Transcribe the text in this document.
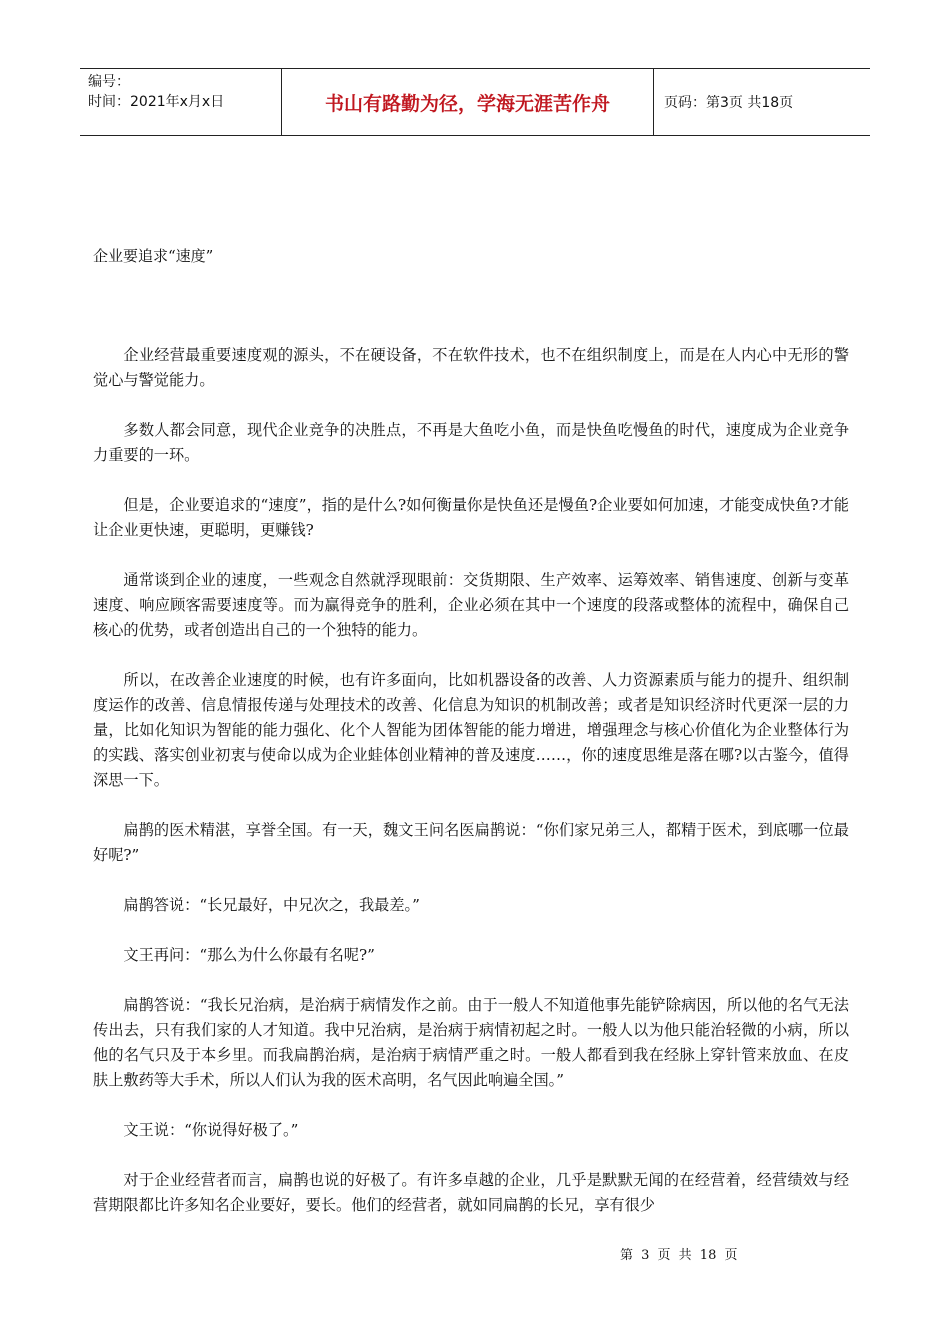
编号：
时间：2021年x月x日	书山有路勤为径，学海无涯苦作舟	页码：第3页 共18页
企业要追求“速度”

企业经营最重要速度观的源头，不在硬设备，不在软件技术，也不在组织制度上，而是在人内心中无形的警觉心与警觉能力。

多数人都会同意，现代企业竞争的决胜点，不再是大鱼吃小鱼，而是快鱼吃慢鱼的时代，速度成为企业竞争力重要的一环。

但是，企业要追求的“速度”，指的是什么?如何衡量你是快鱼还是慢鱼?企业要如何加速，才能变成快鱼?才能让企业更快速，更聪明，更赚钱?

通常谈到企业的速度，一些观念自然就浮现眼前：交货期限、生产效率、运筹效率、销售速度、创新与变革速度、响应顾客需要速度等。而为赢得竞争的胜利，企业必须在其中一个速度的段落或整体的流程中，确保自己核心的优势，或者创造出自己的一个独特的能力。

所以，在改善企业速度的时候，也有许多面向，比如机器设备的改善、人力资源素质与能力的提升、组织制度运作的改善、信息情报传递与处理技术的改善、化信息为知识的机制改善；或者是知识经济时代更深一层的力量，比如化知识为智能的能力强化、化个人智能为团体智能的能力增进，增强理念与核心价值化为企业整体行为的实践、落实创业初衷与使命以成为企业蛙体创业精神的普及速度……，你的速度思维是落在哪?以古鉴今，值得深思一下。

扁鹊的医术精湛，享誉全国。有一天，魏文王问名医扁鹊说：“你们家兄弟三人，都精于医术，到底哪一位最好呢?”

扁鹊答说：“长兄最好，中兄次之，我最差。”

文王再问：“那么为什么你最有名呢?”

扁鹊答说：“我长兄治病，是治病于病情发作之前。由于一般人不知道他事先能铲除病因，所以他的名气无法传出去，只有我们家的人才知道。我中兄治病，是治病于病情初起之时。一般人以为他只能治轻微的小病，所以他的名气只及于本乡里。而我扁鹊治病，是治病于病情严重之时。一般人都看到我在经脉上穿针管来放血、在皮肤上敷药等大手术，所以人们认为我的医术高明，名气因此响遍全国。”

文王说：“你说得好极了。”

对于企业经营者而言，扁鹊也说的好极了。有许多卓越的企业，几乎是默默无闻的在经营着，经营绩效与经营期限都比许多知名企业要好，要长。他们的经营者，就如同扁鹊的长兄，享有很少

第 3 页 共 18 页
